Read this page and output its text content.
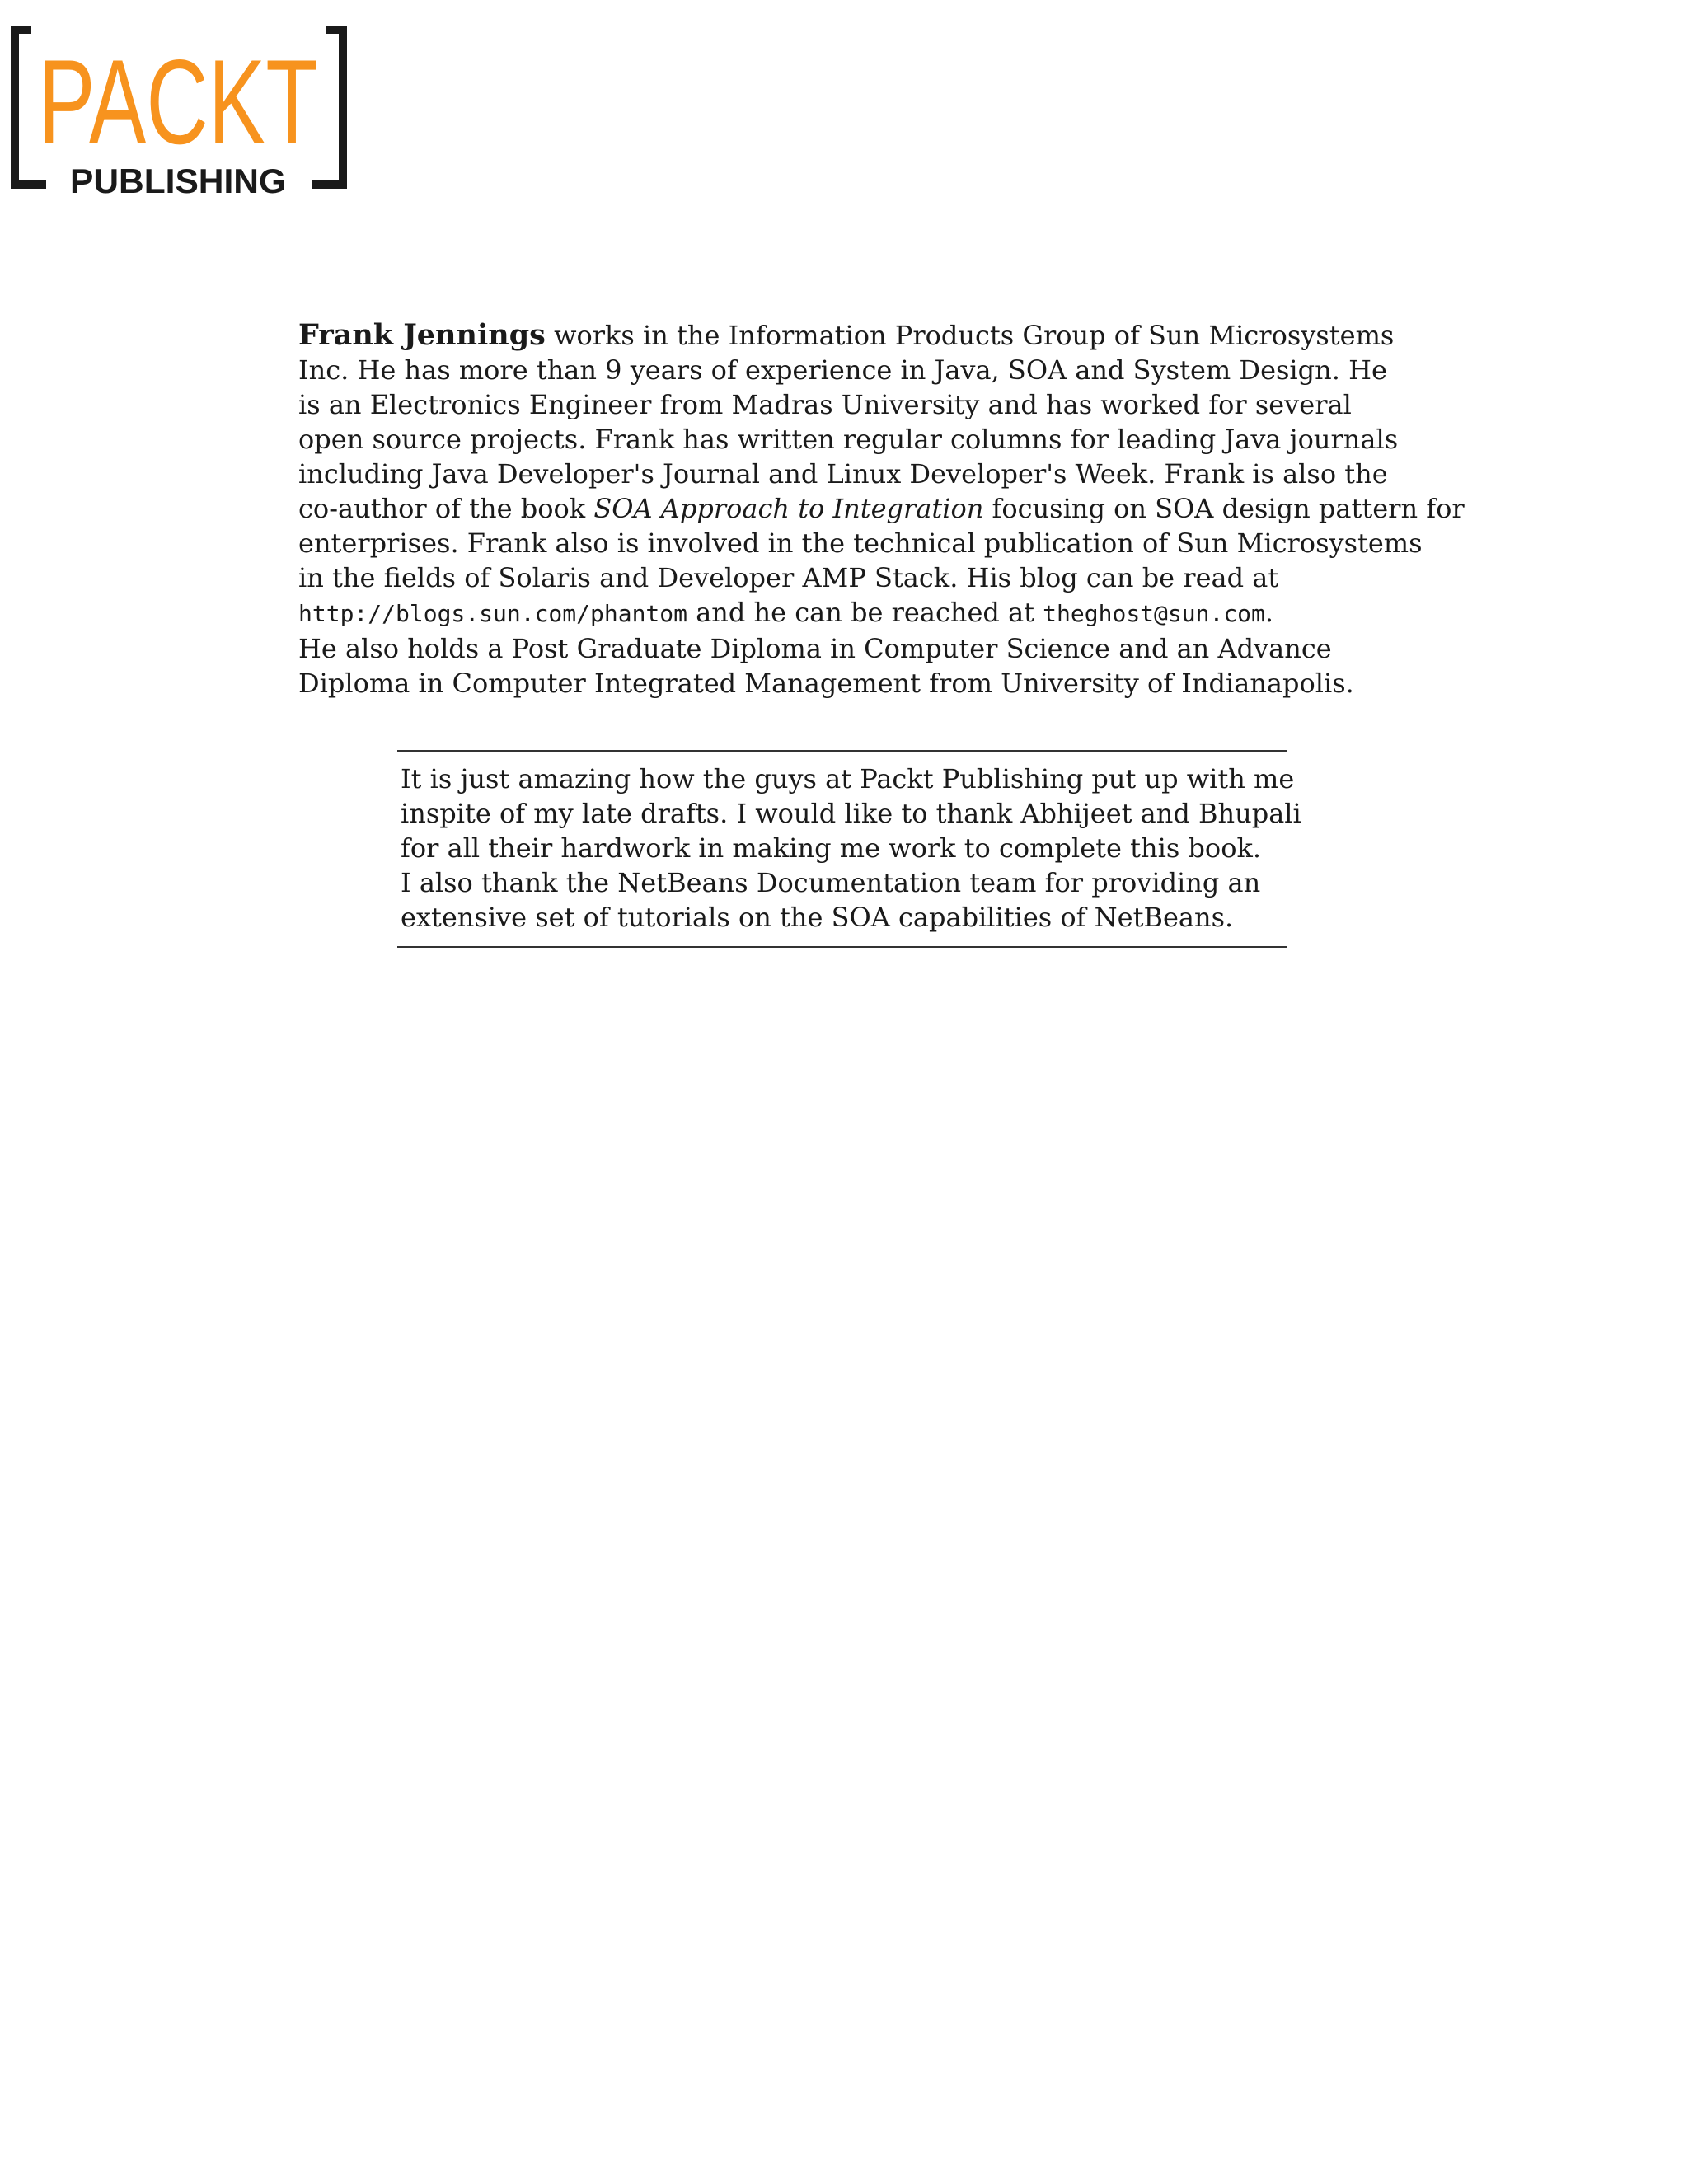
PACKT
PUBLISHING
Frank Jennings works in the Information Products Group of Sun Microsystems
Inc. He has more than 9 years of experience in Java, SOA and System Design. He
is an Electronics Engineer from Madras University and has worked for several
open source projects. Frank has written regular columns for leading Java journals
including Java Developer's Journal and Linux Developer's Week. Frank is also the
co-author of the book SOA Approach to Integration focusing on SOA design pattern for
enterprises. Frank also is involved in the technical publication of Sun Microsystems
in the fields of Solaris and Developer AMP Stack. His blog can be read at
http://blogs.sun.com/phantom and he can be reached at theghost@sun.com.
He also holds a Post Graduate Diploma in Computer Science and an Advance
Diploma in Computer Integrated Management from University of Indianapolis.
It is just amazing how the guys at Packt Publishing put up with me
inspite of my late drafts. I would like to thank Abhijeet and Bhupali
for all their hardwork in making me work to complete this book.
I also thank the NetBeans Documentation team for providing an
extensive set of tutorials on the SOA capabilities of NetBeans.
